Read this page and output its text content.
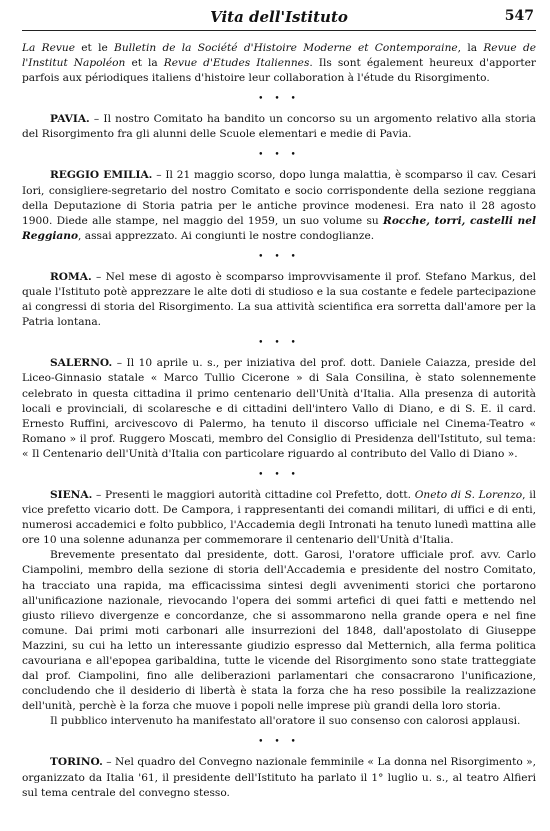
Vita dell'Istituto	547

La Revue et le Bulletin de la Société d'Histoire Moderne et Contemporaine, la Revue de l'Institut Napoléon et la Revue d'Etudes Italiennes. Ils sont également heureux d'apporter parfois aux périodiques italiens d'histoire leur collaboration à l'étude du Risorgimento.

• • •

PAVIA. – Il nostro Comitato ha bandito un concorso su un argomento relativo alla storia del Risorgimento fra gli alunni delle Scuole elementari e medie di Pavia.

• • •

REGGIO EMILIA. – Il 21 maggio scorso, dopo lunga malattia, è scomparso il cav. Cesari Iori, consigliere-segretario del nostro Comitato e socio corrispondente della sezione reggiana della Deputazione di Storia patria per le antiche province modenesi. Era nato il 28 agosto 1900. Diede alle stampe, nel maggio del 1959, un suo volume su Rocche, torri, castelli nel Reggiano, assai apprezzato. Ai congiunti le nostre condoglianze.

• • •

ROMA. – Nel mese di agosto è scomparso improvvisamente il prof. Stefano Markus, del quale l'Istituto potè apprezzare le alte doti di studioso e la sua costante e fedele partecipazione ai congressi di storia del Risorgimento. La sua attività scientifica era sorretta dall'amore per la Patria lontana.

• • •

SALERNO. – Il 10 aprile u. s., per iniziativa del prof. dott. Daniele Caiazza, preside del Liceo-Ginnasio statale « Marco Tullio Cicerone » di Sala Consilina, è stato solennemente celebrato in questa cittadina il primo centenario dell'Unità d'Italia. Alla presenza di autorità locali e provinciali, di scolaresche e di cittadini dell'intero Vallo di Diano, e di S. E. il card. Ernesto Ruffini, arcivescovo di Palermo, ha tenuto il discorso ufficiale nel Cinema-Teatro « Romano » il prof. Ruggero Moscati, membro del Consiglio di Presidenza dell'Istituto, sul tema: « Il Centenario dell'Unità d'Italia con particolare riguardo al contributo del Vallo di Diano ».

• • •

SIENA. – Presenti le maggiori autorità cittadine col Prefetto, dott. Oneto di S. Lorenzo, il vice prefetto vicario dott. De Campora, i rappresentanti dei comandi militari, di uffici e di enti, numerosi accademici e folto pubblico, l'Accademia degli Intronati ha tenuto lunedì mattina alle ore 10 una solenne adunanza per commemorare il centenario dell'Unità d'Italia.

Brevemente presentato dal presidente, dott. Garosi, l'oratore ufficiale prof. avv. Carlo Ciampolini, membro della sezione di storia dell'Accademia e presidente del nostro Comitato, ha tracciato una rapida, ma efficacissima sintesi degli avvenimenti storici che portarono all'unificazione nazionale, rievocando l'opera dei sommi artefici di quei fatti e mettendo nel giusto rilievo divergenze e concordanze, che si assommarono nella grande opera e nel fine comune. Dai primi moti carbonari alle insurrezioni del 1848, dall'apostolato di Giuseppe Mazzini, su cui ha letto un interessante giudizio espresso dal Metternich, alla ferma politica cavouriana e all'epopea garibaldina, tutte le vicende del Risorgimento sono state tratteggiate dal prof. Ciampolini, fino alle deliberazioni parlamentari che consacrarono l'unificazione, concludendo che il desiderio di libertà è stata la forza che ha reso possibile la realizzazione dell'unità, perchè è la forza che muove i popoli nelle imprese più grandi della loro storia.

Il pubblico intervenuto ha manifestato all'oratore il suo consenso con calorosi applausi.

• • •

TORINO. – Nel quadro del Convegno nazionale femminile « La donna nel Risorgimento », organizzato da Italia '61, il presidente dell'Istituto ha parlato il 1° luglio u. s., al teatro Alfieri sul tema centrale del convegno stesso.
